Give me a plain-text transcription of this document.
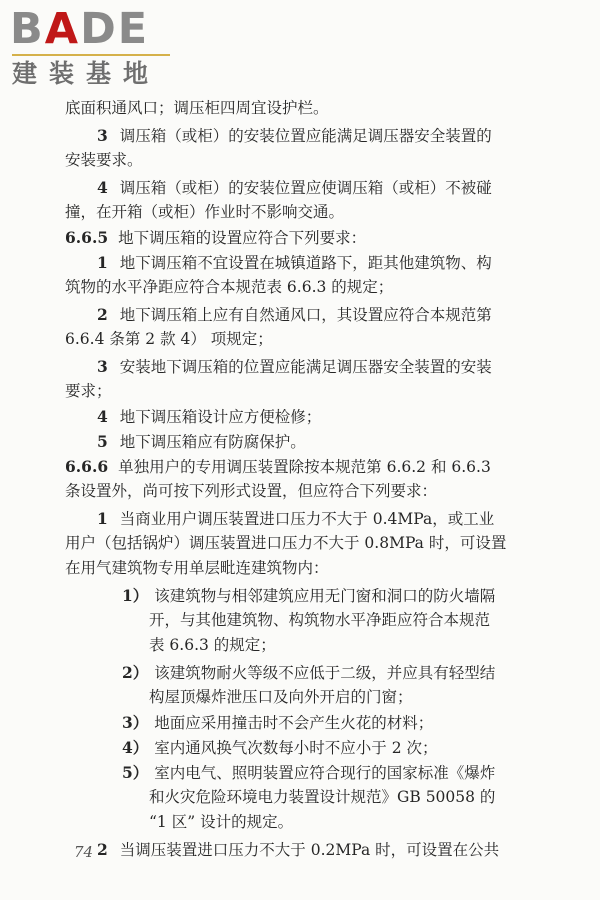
BADE
建装基地
底面积通风口；调压柜四周宜设护栏。
3 调压箱（或柜）的安装位置应能满足调压器安全装置的
安装要求。
4 调压箱（或柜）的安装位置应使调压箱（或柜）不被碰
撞，在开箱（或柜）作业时不影响交通。
6.6.5 地下调压箱的设置应符合下列要求：
1 地下调压箱不宜设置在城镇道路下，距其他建筑物、构
筑物的水平净距应符合本规范表 6.6.3 的规定；
2 地下调压箱上应有自然通风口，其设置应符合本规范第
6.6.4 条第 2 款 4） 项规定；
3 安装地下调压箱的位置应能满足调压器安全装置的安装
要求；
4 地下调压箱设计应方便检修；
5 地下调压箱应有防腐保护。
6.6.6 单独用户的专用调压装置除按本规范第 6.6.2 和 6.6.3
条设置外，尚可按下列形式设置，但应符合下列要求：
1 当商业用户调压装置进口压力不大于 0.4MPa，或工业
用户（包括锅炉）调压装置进口压力不大于 0.8MPa 时，可设置
在用气建筑物专用单层毗连建筑物内：
1） 该建筑物与相邻建筑应用无门窗和洞口的防火墙隔
开，与其他建筑物、构筑物水平净距应符合本规范
表 6.6.3 的规定；
2） 该建筑物耐火等级不应低于二级，并应具有轻型结
构屋顶爆炸泄压口及向外开启的门窗；
3） 地面应采用撞击时不会产生火花的材料；
4） 室内通风换气次数每小时不应小于 2 次；
5） 室内电气、照明装置应符合现行的国家标准《爆炸
和火灾危险环境电力装置设计规范》GB 50058 的
“1 区” 设计的规定。
2 当调压装置进口压力不大于 0.2MPa 时，可设置在公共
74
